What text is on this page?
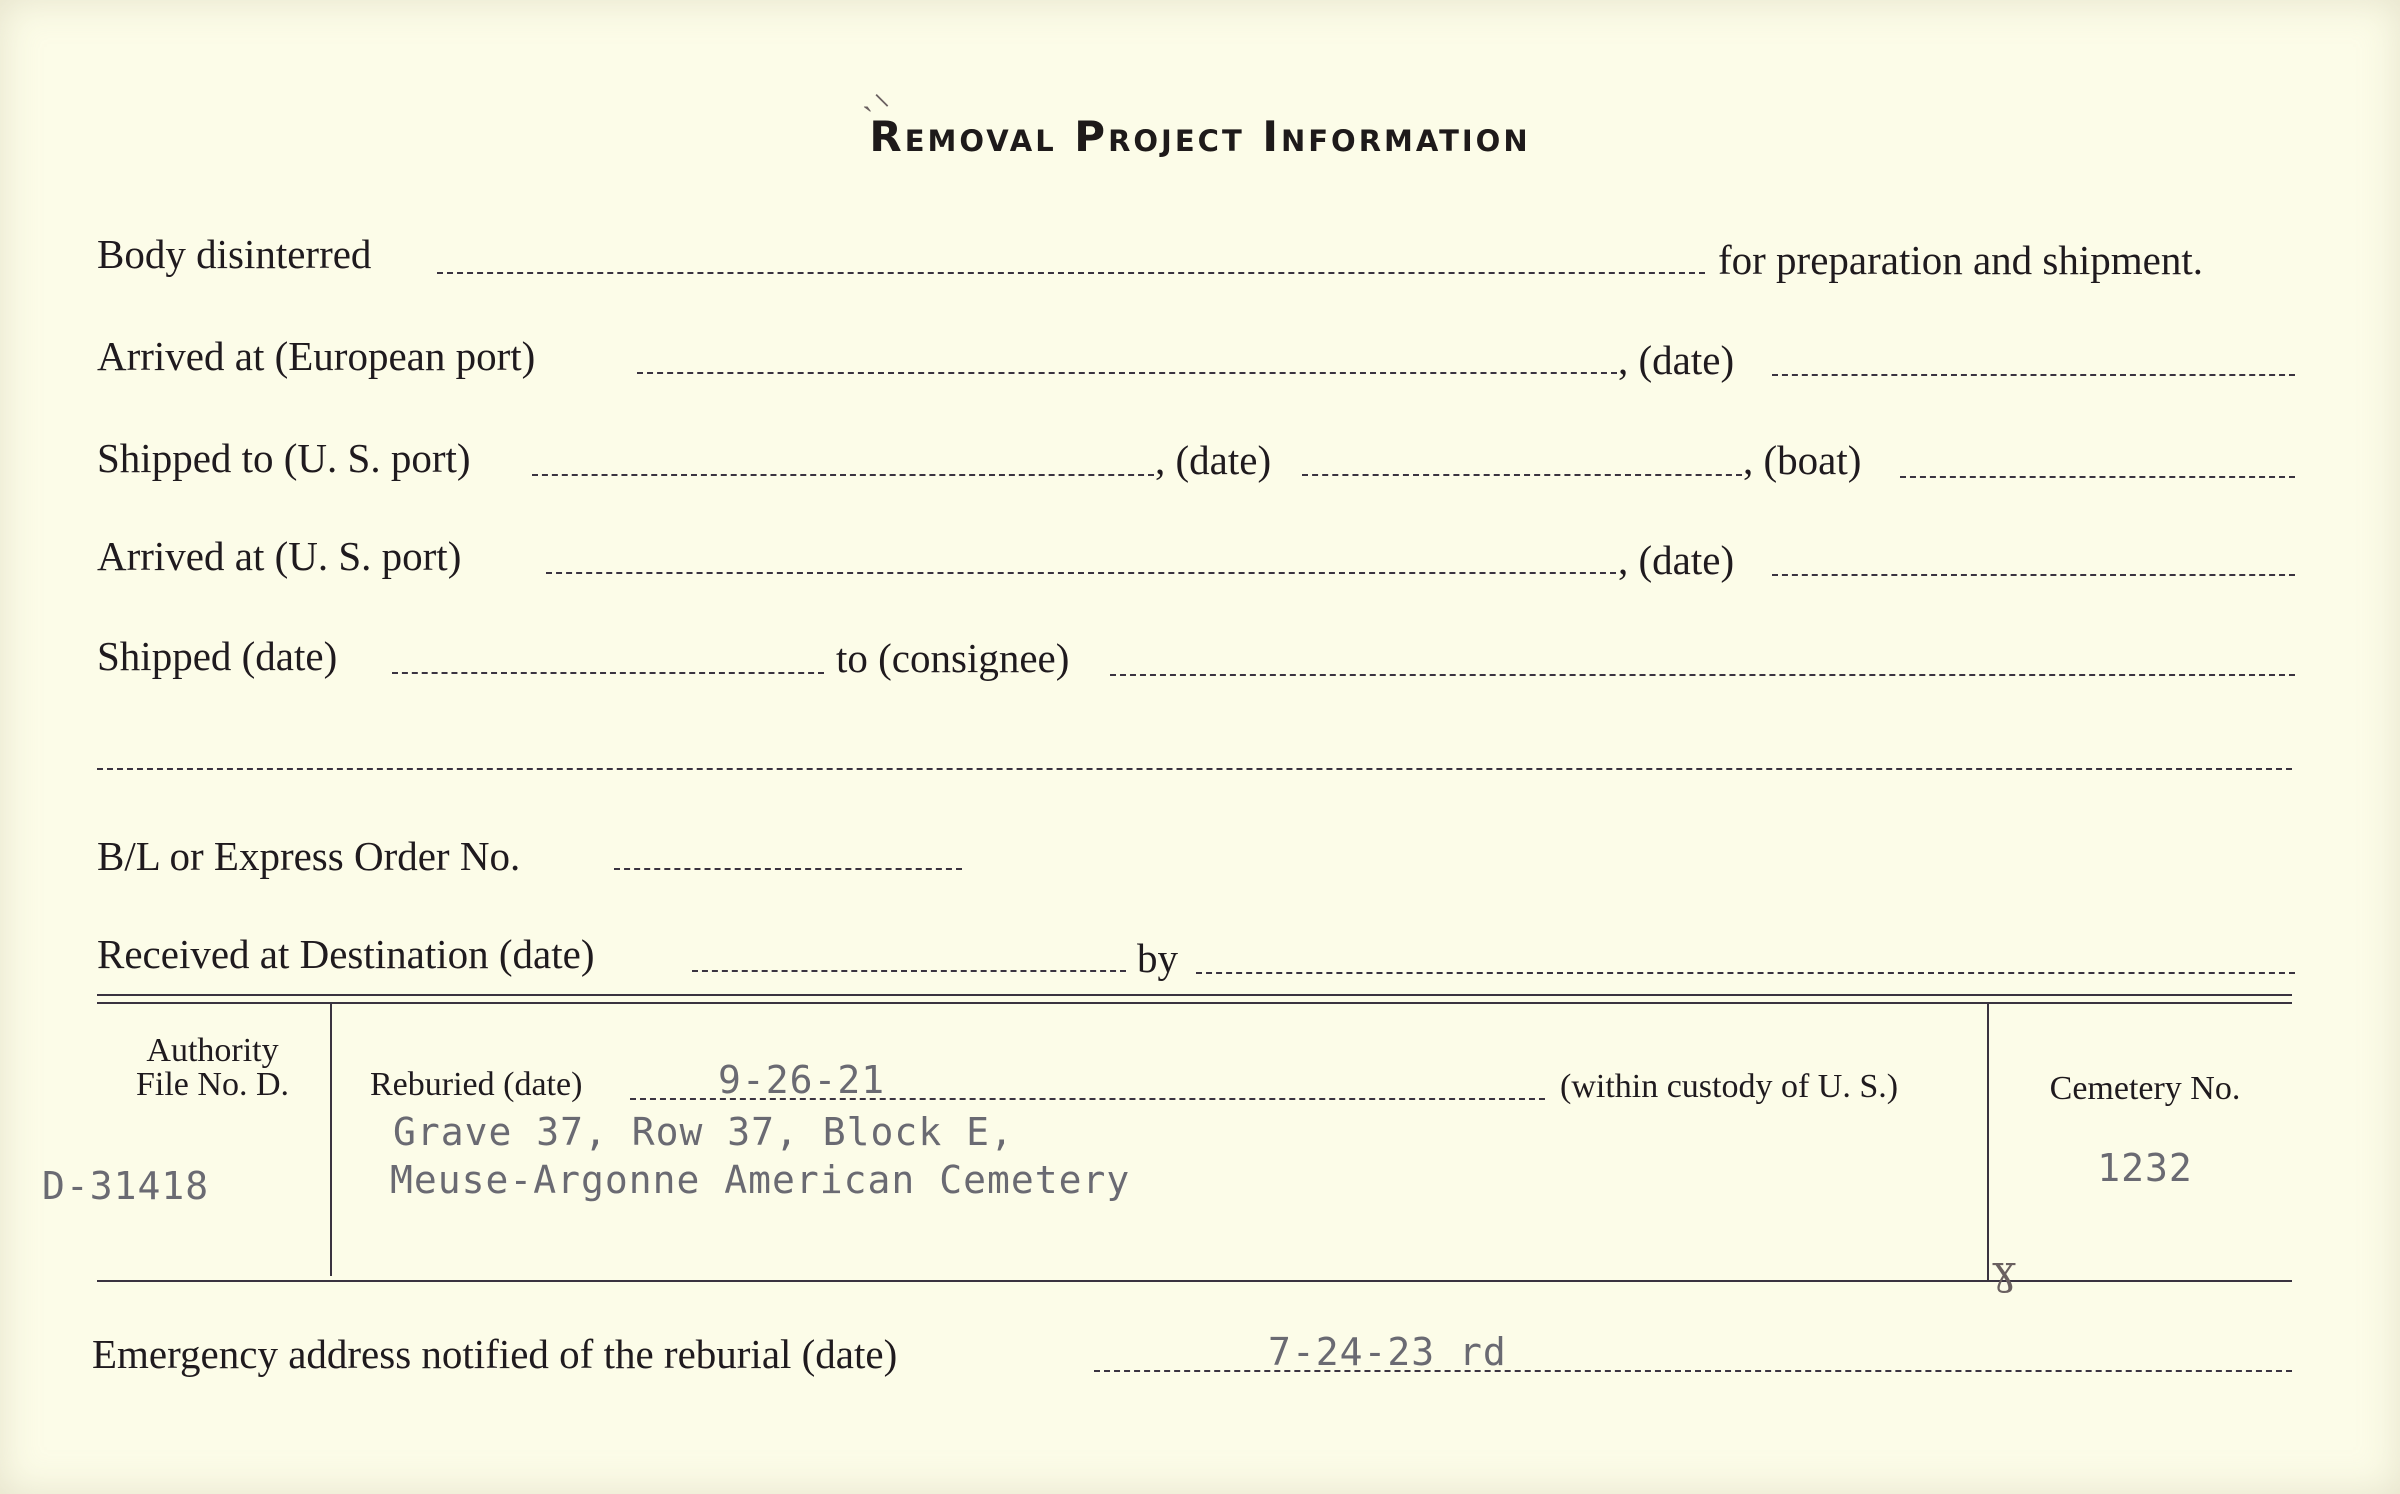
Removal Project Information
Body disinterred	for preparation and shipment.
Arrived at (European port)	, (date)
Shipped to (U. S. port)	, (date)	, (boat)
Arrived at (U. S. port)	, (date)
Shipped (date)	to (consignee)
B/L or Express Order No.
Received at Destination (date)	by
Authority
File No. D.
D-31418
Reburied (date)	9-26-21	(within custody of U. S.)
Grave 37, Row 37, Block E,
Meuse-Argonne American Cemetery
Cemetery No.
1232
ɣ
Emergency address notified of the reburial (date)	7-24-23 rd
ˏ⸜
